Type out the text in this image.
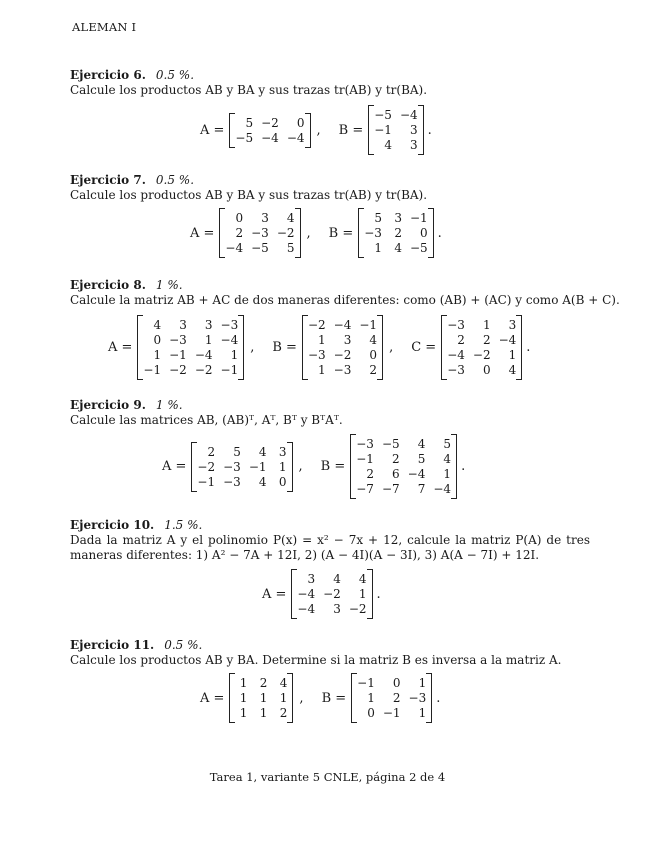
ALEMAN I
Ejercicio 6. 0.5 %.
Calcule los productos AB y BA y sus trazas tr(AB) y tr(BA).
A =	5 −2	0
−5 −4 −4 , B =
−5 −4
−1	3
4	3
.
Ejercicio 7. 0.5 %.
Calcule los productos AB y BA y sus trazas tr(AB) y tr(BA).
A =
0	3	4
2 −3 −2
−4 −5	5
, B =
5	3 −1
−3	2	0
1	4 −5
.
Ejercicio 8. 1 %.
Calcule la matriz AB + AC de dos maneras diferentes: como (AB) + (AC) y como A(B + C).
A =
4	3	3 −3
0 −3	1 −4
1 −1 −4	1
−1 −2 −2 −1
, B =
−2 −4 −1
1	3	4
−3 −2	0
1 −3	2
, C =
−3	1	3
2	2 −4
−4 −2	1
−3	0	4
.
Ejercicio 9. 1 %.
Calcule las matrices AB, (AB)ᵀ, Aᵀ, Bᵀ y BᵀAᵀ.
A =
2	5	4	3
−2 −3 −1	1
−1 −3	4	0
, B =
−3 −5	4	5
−1	2	5	4
2	6 −4	1
−7 −7	7 −4
.
Ejercicio 10. 1.5 %.
Dada la matriz A y el polinomio P(x) = x² − 7x + 12, calcule la matriz P(A) de tres maneras diferentes: 1) A² − 7A + 12I, 2) (A − 4I)(A − 3I), 3) A(A − 7I) + 12I.
A =
3	4	4
−4 −2	1
−4	3 −2
.
Ejercicio 11. 0.5 %.
Calcule los productos AB y BA. Determine si la matriz B es inversa a la matriz A.
A =
1	2	4
1	1	1
1	1	2
, B =
−1	0	1
1	2 −3
0 −1	1
.
Tarea 1, variante 5 CNLE, página 2 de 4
